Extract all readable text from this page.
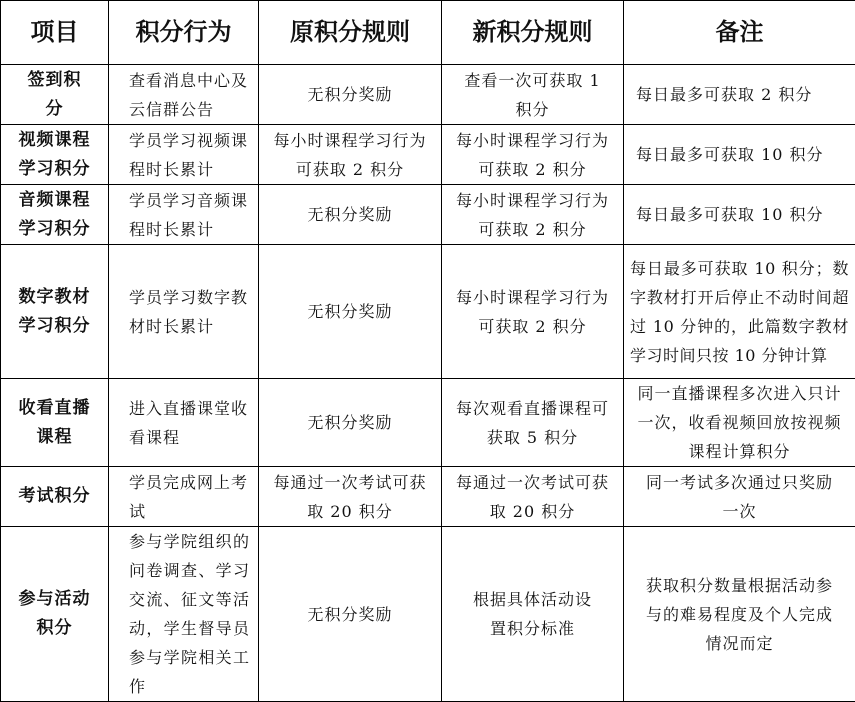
项目	积分行为	原积分规则	新积分规则	备注

签到积分	查看消息中心及云信群公告	无积分奖励	查看一次可获取 1 积分	每日最多可获取 2 积分

视频课程学习积分	学员学习视频课程时长累计	每小时课程学习行为可获取 2 积分	每小时课程学习行为可获取 2 积分	每日最多可获取 10 积分

音频课程学习积分	学员学习音频课程时长累计	无积分奖励	每小时课程学习行为可获取 2 积分	每日最多可获取 10 积分

数字教材学习积分	学员学习数字教材时长累计	无积分奖励	每小时课程学习行为可获取 2 积分	每日最多可获取 10 积分；数字教材打开后停止不动时间超过 10 分钟的，此篇数字教材学习时间只按 10 分钟计算

收看直播课程	进入直播课堂收看课程	无积分奖励	每次观看直播课程可获取 5 积分	同一直播课程多次进入只计一次，收看视频回放按视频课程计算积分

考试积分	学员完成网上考试	每通过一次考试可获取 20 积分	每通过一次考试可获取 20 积分	同一考试多次通过只奖励一次

参与活动积分	参与学院组织的问卷调查、学习交流、征文等活动，学生督导员参与学院相关工作	无积分奖励	根据具体活动设置积分标准	获取积分数量根据活动参与的难易程度及个人完成情况而定
